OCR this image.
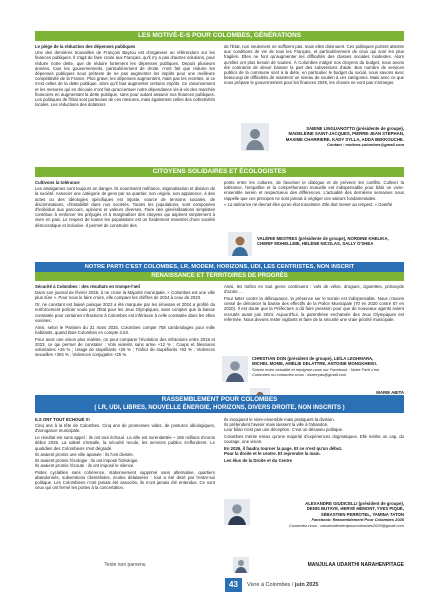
LES MOTIVÉ-E-S POUR COLOMBES, GÉNÉRATIONS

Le piège de la réduction des dépenses publiques

Une des dernières trouvailles de François Bayrou est d'organiser un référendum sur les finances publiques. Il s'agit de faire croire aux Français, qu'il n'y a pas d'autres solutions, pour réduire notre dette, que de réduire fortement les dépenses publiques. Depuis plusieurs années, tous les gouvernements, particulièrement de droite, n'ont fait que réduire les dépenses publiques sous prétexte de ne pas augmenter les impôts pour une meilleure compétitivité de la France. Plus grave, les dépenses augmentent, mais pas les recettes, si ce n'est celles de la dette publique, alors qu'il faut augmenter certains impôts. Ce raisonnement et les mesures qui en découle n'ont fait qu'accentuer notre dépendance vis-à-vis des marchés financiers en augmentant la dette publique, sans pour autant assainir nos finances publiques. Les politiques de l'État sont porteuses de ces mesures, mais également celles des collectivités locales. Les réductions des dotations

de l'État, non seulement ne suffisent pas, mais elles diminuent. Ces politiques portent atteinte aux conditions de vie de tous les Français, et particulièrement de ceux qui sont les plus fragiles. Elles ne font qu'augmenter les difficultés des classes sociales modestes. Alors qu'elles ont plus besoin de soutien. À Colombes malgré nos citoyens du budget, nous avons été contraints de devoir baisser la part des subventions d'aide. Bon nombre de services publics de la commune sont à la diète, en particulier le budget du social, nous savons avec beaucoup de difficultés de maintenir un niveau de soutien à ces catégories. Mais avec ce que nous prépare le gouvernement pour les finances 2026, les choses ne vont pas s'arranger.

SABINE LINGUANOTTO (présidente de groupe),
MADELEINE SAINT-JACQUES, PIERRE-JEAN STEPHAN,
MAXIME CHARRIERE, KADY SYLLA, ADDA BEKKOUCHE.
Contact : motives.colombes@gmail.com
CITOYENS SOLIDAIRES ET ÉCOLOGISTES

Cultivons la tolérance

Les amalgames sont toujours un danger. Ils nourrissent méfiance, stigmatisation et division de la société. Associer une catégorie de gens par sa quartier, son origine, son apparence, à des actes ou des idéologies spécifiques est injuste, source de tensions sociales, de discriminations, d'instabilité dans nos sociétés. Toutes les populations, sont composées d'individus aux parcours, opinions et valeurs diverses. Faire des généralisations simplistes contribue à renforcer les préjugés et à marginaliser des citoyens qui aspirent simplement à vivre en paix. Le respect de toutes les populations est un fondement essentiel d'une société démocratique et inclusive. Il permet de construire des

ponts entre les cultures, de favoriser le dialogue et de prévenir les conflits. Cultiver la tolérance, l'empathie et la compréhension mutuelle est indispensable pour bâtir un vivre-ensemble serein et respectueux des différences. L'actualité des dernières semaines nous rappelle que ces principes ne sont jamais à négliger ces valeurs fondamentales.

« La tolérance ne devrait être qu'un état transitoire. Elle doit mener au respect. » Goethe

VALÉRIE MESTRES (présidente de groupe), NORDINE KHELIKA,
CHERIF MOHELLEBI, HÉLÈNE NICOLAS, SALLY O'SHEA
NOTRE PARTI C'EST COLOMBES, LR, MODEM, HORIZONS, UDI, LES CENTRISTES, NON INSCRIT
RENAISSANCE ET TERRITOIRES DE PROGRÈS

Sécurité à Colombes : des résultats en trompe-l'œil

Dans son journal de février 2025, à ne croire la Majorité municipale, « Colombes est une ville plus sûre ». Pour nous le faire croire, elle compare les chiffres de 2024 à ceux de 2023.

Or, ne constant est biaisé puisque 2023 a été marquée par les émeutes et 2024 a profité du renforcement policier voulu par l'État pour les Jeux Olympiques, sans compter que la baisse constatée pour certaines infractions à Colombes est inférieure à celle constatée dans les villes voisines.

Ainsi, selon le Parisien du 31 mars 2025, Colombes compte 758 cambriolages pour mille habitants, quand Bois-Colombes en compte 3,63.

Pour avoir une vision plus réaliste, on peut comparer l'évolution des infractions entre 2019 et 2023, ce qui permet de constater : Vols violents sans arme +12 % ; Coups et blessures volontaires +26 % ; Usage de stupéfiants +29 % ; Trafics de stupéfiants +93 % ; Violences sexuelles +304 % ; Violences conjugales +25 %.

Ainsi, les trafics en tout genre continuent : vols de vélos, drogues, cigarettes, protoxyde d'azote …

Pour lutter contre la délinquance, la présence sur le terrain est indispensable. Nous n'avons cessé de dénoncer la baisse des effectifs de la Police Municipale (70 en 2020 contre 57 en 2020). Il est doute que la Préfecture a dû faire pression pour que de nouveaux agents soient recrutés avant juin 2024. Aujourd'hui, la parenthèse enchantée des Jeux Olympiques est refermée. Nous devons rester vigilants et faire de la sécurité une vraie priorité municipale.

CHRISTIAN DON (président de groupe), LEÏLA LEGHMARA,
MICHEL MOME, AMÉLIE DELATTRE, ANTOINE MONGKHEIKI.
Suivez notre actualité et rejoignez-nous sur Facebook : Notre Parti c'est
Colombes ou contactez-nous : nkaecyas@gmail.com
MARIE ABITA
RASSEMBLEMENT POUR COLOMBES
( LR, UDI, LIBRES, NOUVELLE ÉNERGIE, HORIZONS, DIVERS DROITE, NON INSCRITS )

ILS ONT TOUT ÉCHOUÉ !!!

Cinq ans à la tête de Colombes. Cinq ans de promesses vides, de postures idéologiques, d'arrogance municipale.

Le résultat est sans appel : ils ont tout échoué. La ville est surendettée – 165 millions d'euros début 2025. La saleté s'installe, la sécurité recule, les services publics s'effondrent. Le quotidien des Colombiens s'est dégradé.

Ils avaient promis une ville apaisée : ils l'ont divisée.

Ils avaient promis l'écologie : ils ont imposé l'idéologie.

Ils avaient promis l'écoute : ils ont imposé le silence.

Pistes cyclables sans cohérence, stationnement supprimé sans alternative, quartiers abandonnés, subventions clientélistes, écoles délaissées : tout a été dicté par l'entre-soi politique. Les Colombiens n'ont jamais été associés, ils n'ont jamais été entendus. Ce sont ceux qui ont fermé les portes à la concertation.

Ils invoquent le vivre-ensemble mais pratiquent la division.

Ils prétendent l'avenir mais laissent la ville à l'abandon.

Leur bilan n'est pas une déception. C'est un désaveu politique.

Colombes mérite mieux qu'une majorité d'expériences dogmatiques. Elle mérite un cap, du courage, une vision.

En 2026, il faudra tourner la page. Et ce n'est qu'un début.

Pour la droite et le centre. Et reprendre la main.

Les élus de la Droite et du Centre

ALEXANDRE GIUDICELLI (président de groupe),
DENIS BUTAYE, HERVÉ HÉMONT, YVES PIQUE,
SÉBASTIEN PERROTEL, YAMINA TATON
Facebook: Rassemblement Pour Colombes 2026
Contactez-nous : rassemblementpourcolombes2026@gmail.com
Texte non parvenu	MANJULAA UDANTHI NARAHENPITAGE
43	Vivre à Colombes / juin 2025
